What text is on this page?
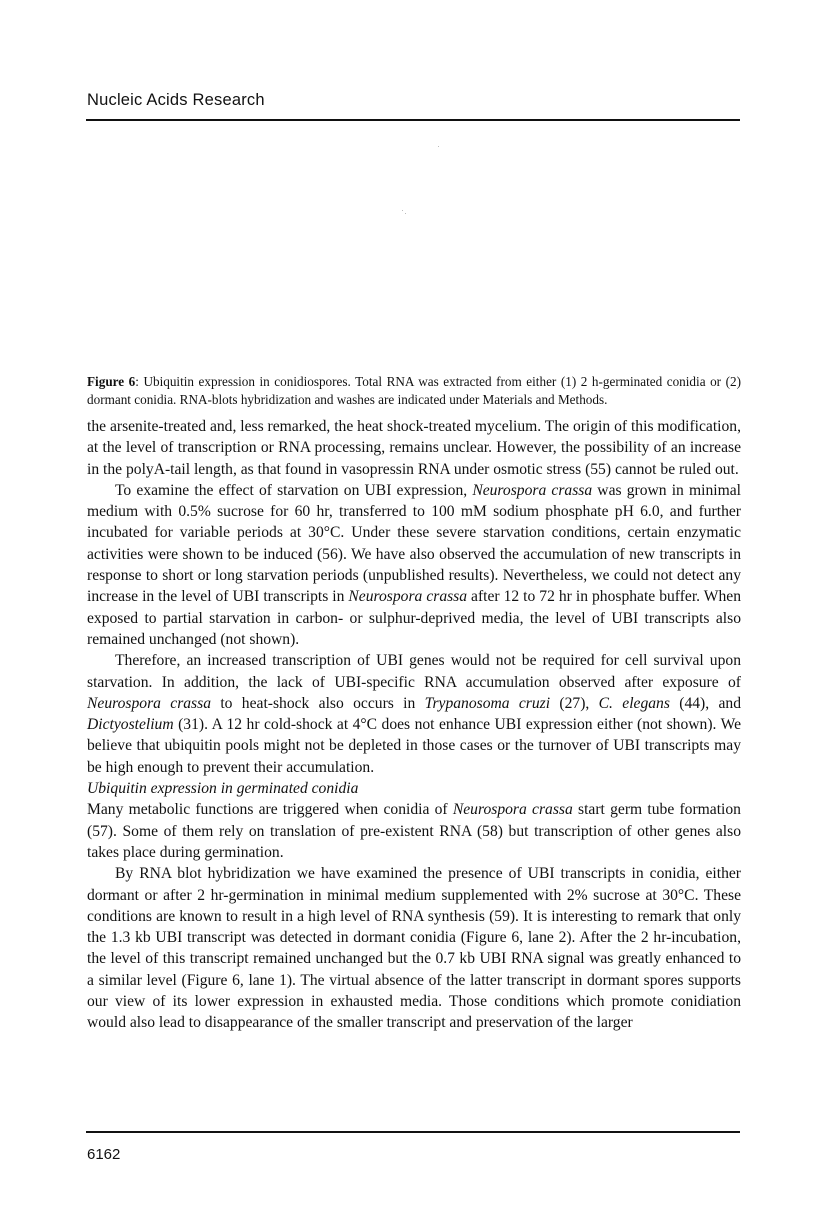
Nucleic Acids Research
Figure 6: Ubiquitin expression in conidiospores. Total RNA was extracted from either (1) 2 h-germinated conidia or (2) dormant conidia. RNA-blots hybridization and washes are indicated under Materials and Methods.

the arsenite-treated and, less remarked, the heat shock-treated mycelium. The origin of this modification, at the level of transcription or RNA processing, remains unclear. However, the possibility of an increase in the polyA-tail length, as that found in vasopressin RNA under osmotic stress (55) cannot be ruled out.

To examine the effect of starvation on UBI expression, Neurospora crassa was grown in minimal medium with 0.5% sucrose for 60 hr, transferred to 100 mM sodium phosphate pH 6.0, and further incubated for variable periods at 30°C. Under these severe starvation conditions, certain enzymatic activities were shown to be induced (56). We have also observed the accumulation of new transcripts in response to short or long starvation periods (unpublished results). Nevertheless, we could not detect any increase in the level of UBI transcripts in Neurospora crassa after 12 to 72 hr in phosphate buffer. When exposed to partial starvation in carbon- or sulphur-deprived media, the level of UBI transcripts also remained unchanged (not shown).

Therefore, an increased transcription of UBI genes would not be required for cell survival upon starvation. In addition, the lack of UBI-specific RNA accumulation observed after exposure of Neurospora crassa to heat-shock also occurs in Trypanosoma cruzi (27), C. elegans (44), and Dictyostelium (31). A 12 hr cold-shock at 4°C does not enhance UBI expression either (not shown). We believe that ubiquitin pools might not be depleted in those cases or the turnover of UBI transcripts may be high enough to prevent their accumulation.

Ubiquitin expression in germinated conidia

Many metabolic functions are triggered when conidia of Neurospora crassa start germ tube formation (57). Some of them rely on translation of pre-existent RNA (58) but transcription of other genes also takes place during germination.

By RNA blot hybridization we have examined the presence of UBI transcripts in conidia, either dormant or after 2 hr-germination in minimal medium supplemented with 2% sucrose at 30°C. These conditions are known to result in a high level of RNA synthesis (59). It is interesting to remark that only the 1.3 kb UBI transcript was detected in dormant conidia (Figure 6, lane 2). After the 2 hr-incubation, the level of this transcript remained unchanged but the 0.7 kb UBI RNA signal was greatly enhanced to a similar level (Figure 6, lane 1). The virtual absence of the latter transcript in dormant spores supports our view of its lower expression in exhausted media. Those conditions which promote conidiation would also lead to disappearance of the smaller transcript and preservation of the larger

6162
